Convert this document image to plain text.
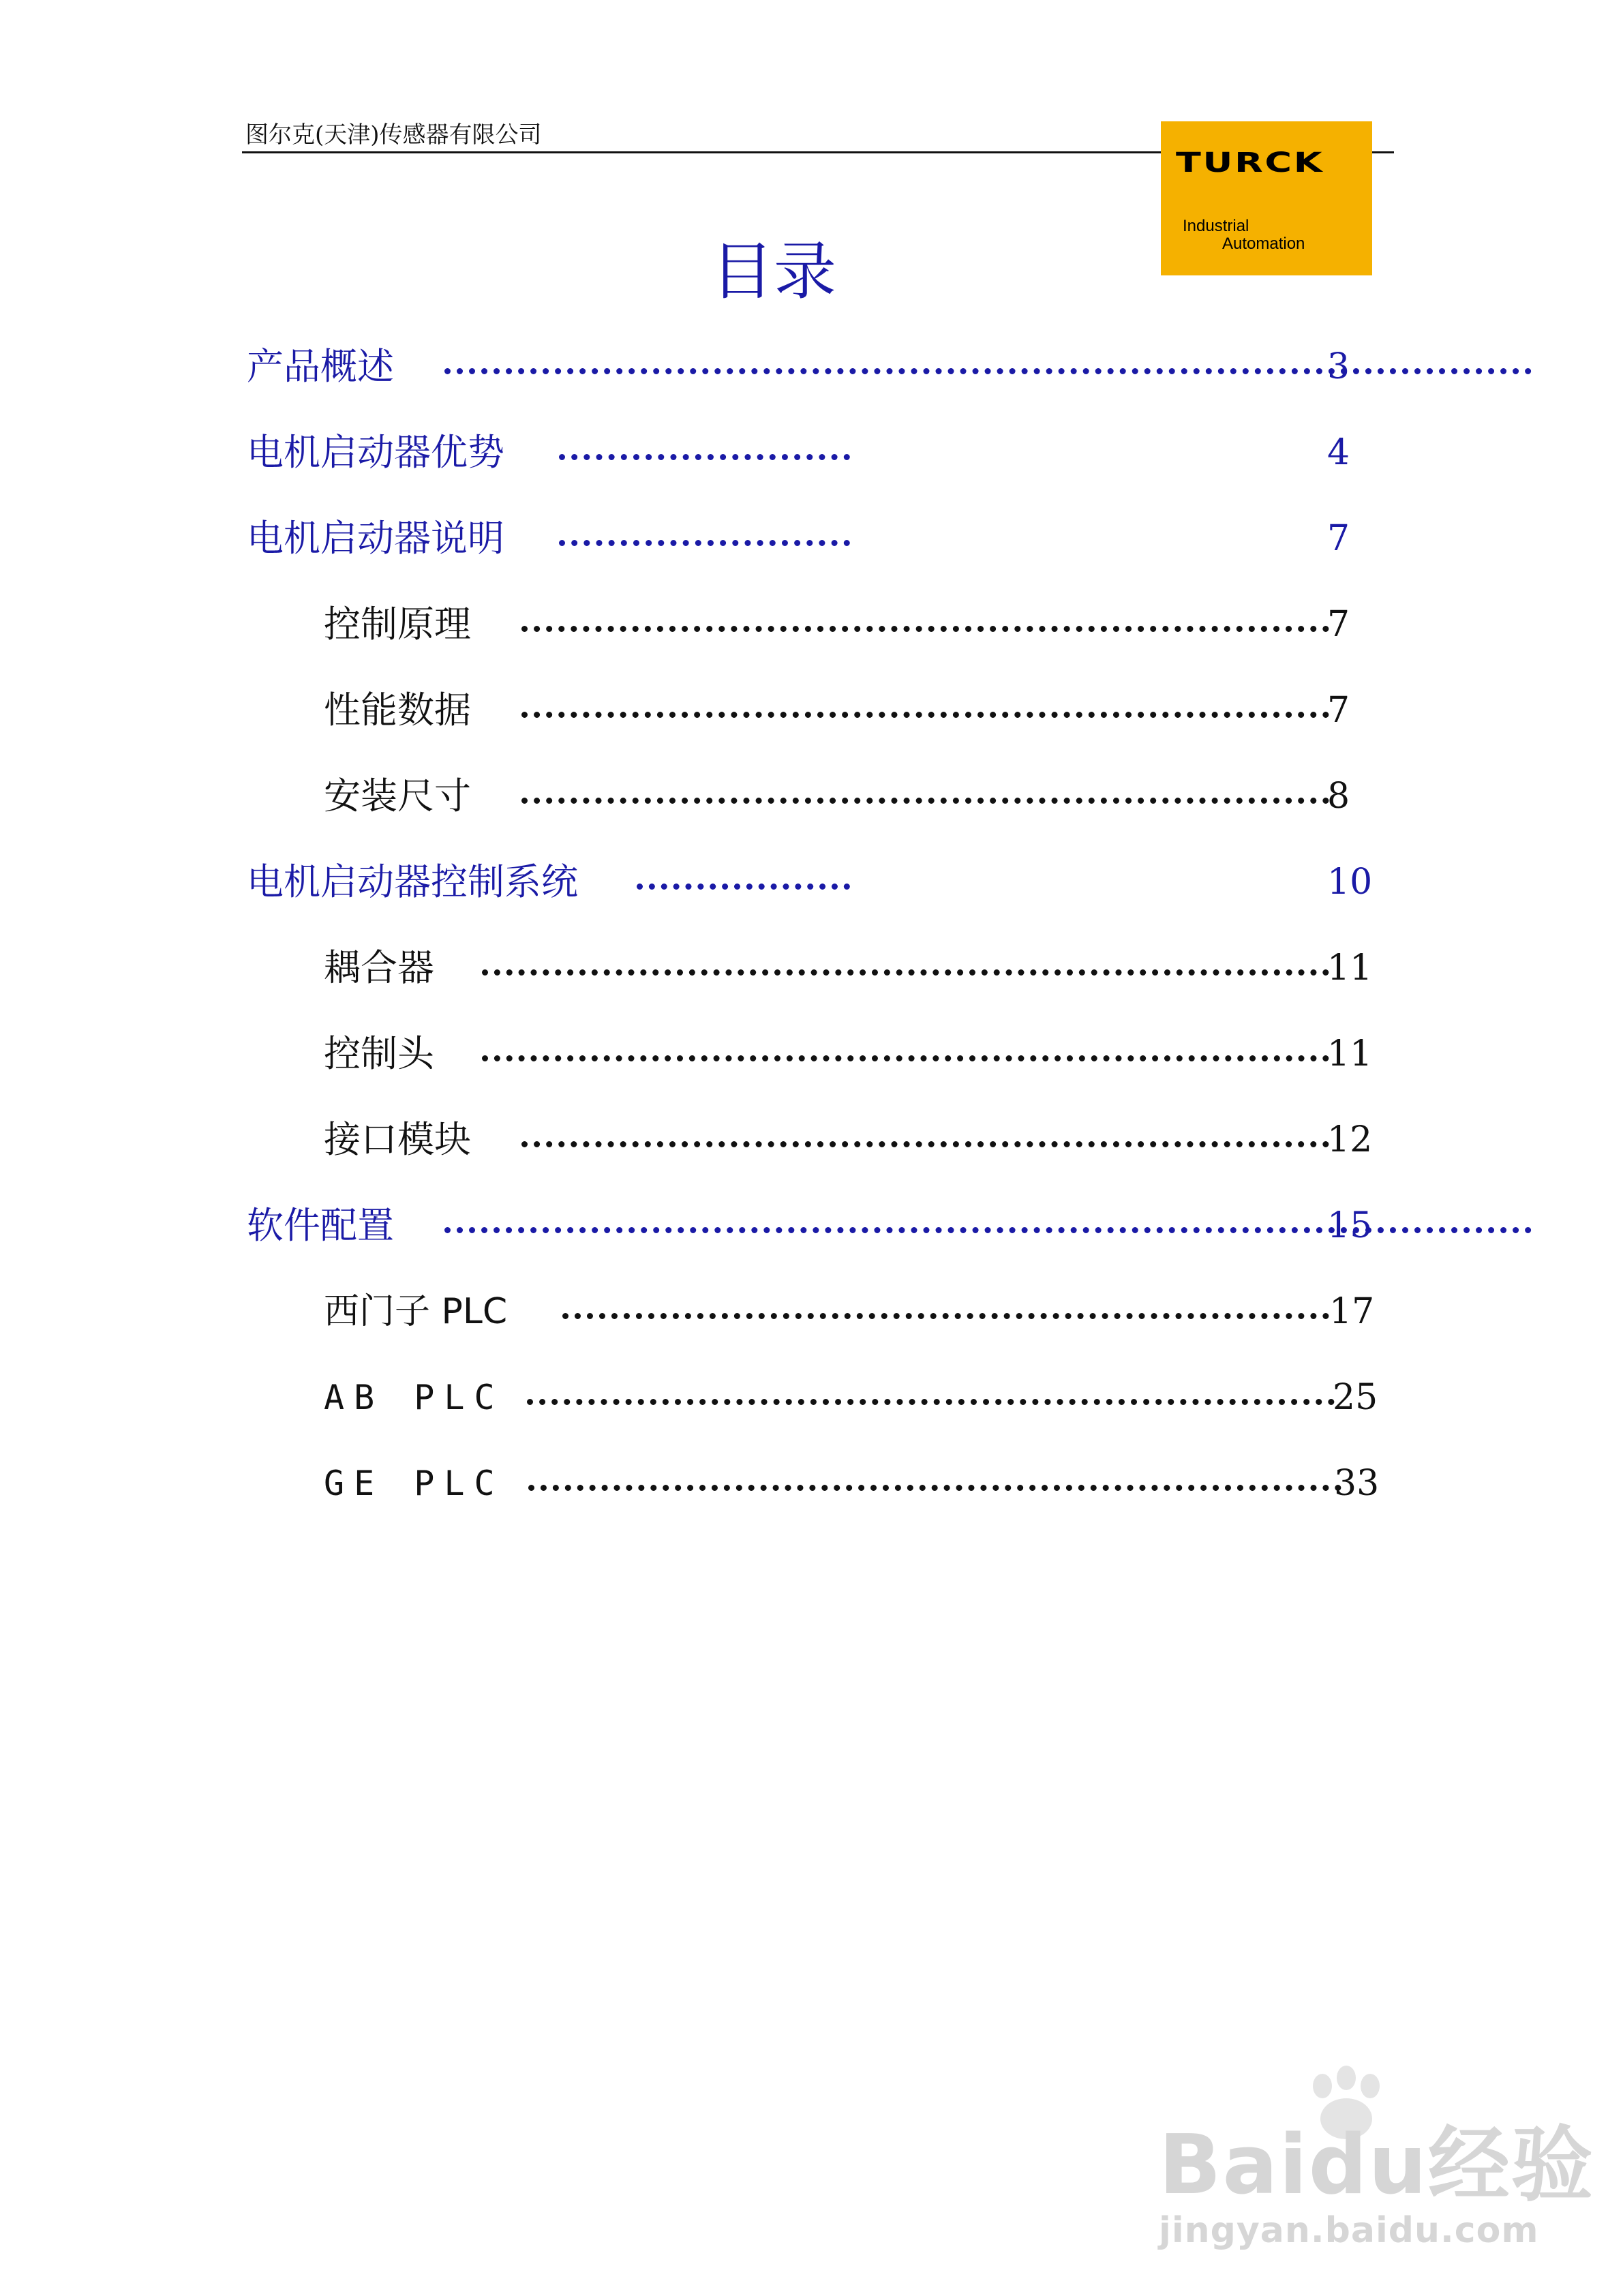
图尔克(天津)传感器有限公司
TURCK
Industrial
Automation
目录
产品概述	3
电机启动器优势	4
电机启动器说明	7
控制原理	7
性能数据	7
安装尺寸	8
电机启动器控制系统	10
耦合器	11
控制头	11
接口模块	12
软件配置	15
西门子 PLC	17
AB PLC	25
GE PLC	33
Baidu经验
jingyan.baidu.com
